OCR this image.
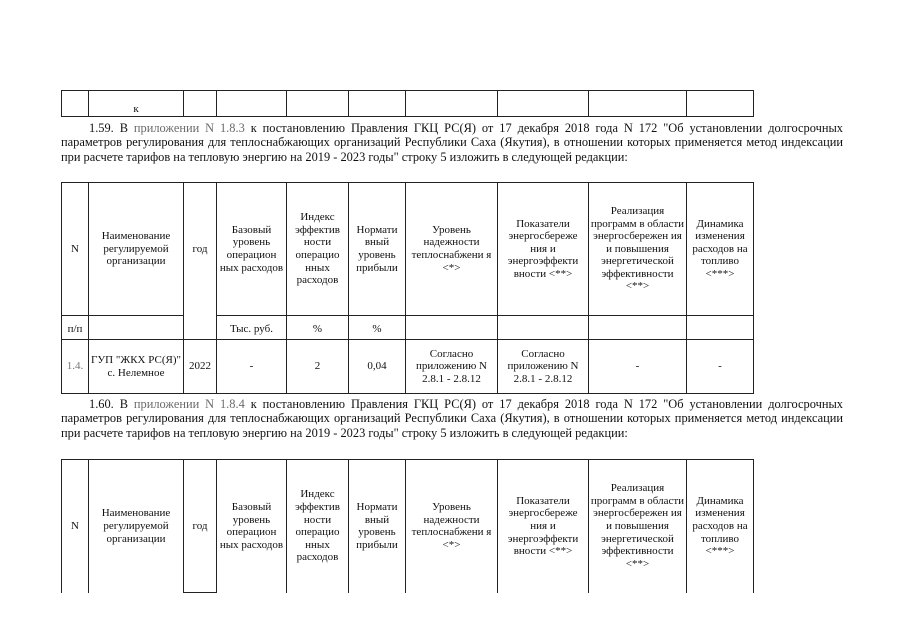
	к								
1.59. В приложении N 1.8.3 к постановлению Правления ГКЦ РС(Я) от 17 декабря 2018 года N 172 "Об установлении долгосрочных параметров регулирования для теплоснабжающих организаций Республики Саха (Якутия), в отношении которых применяется метод индексации при расчете тарифов на тепловую энергию на 2019 - 2023 годы" строку 5 изложить в следующей редакции:
N	Наименование регулируемой организации	год	Базовый уровень операцион ных расходов	Индекс эффектив ности операцио нных расходов	Нормати вный уровень прибыли	Уровень надежности теплоснабжени я <*>	Показатели энергосбереже ния и энергоэффекти вности <**>	Реализация программ в области энергосбережен ия и повышения энергетической эффективности <**>	Динамика изменения расходов на топливо <***>
п/п			Тыс. руб.	%	%				
1.4.	ГУП "ЖКХ РС(Я)" с. Нелемное	2022	-	2	0,04	Согласно приложению N 2.8.1 - 2.8.12	Согласно приложению N 2.8.1 - 2.8.12	-	-
1.60. В приложении N 1.8.4 к постановлению Правления ГКЦ РС(Я) от 17 декабря 2018 года N 172 "Об установлении долгосрочных параметров регулирования для теплоснабжающих организаций Республики Саха (Якутия), в отношении которых применяется метод индексации при расчете тарифов на тепловую энергию на 2019 - 2023 годы" строку 5 изложить в следующей редакции:
N	Наименование регулируемой организации	год	Базовый уровень операцион ных расходов	Индекс эффектив ности операцио нных расходов	Нормати вный уровень прибыли	Уровень надежности теплоснабжени я <*>	Показатели энергосбереже ния и энергоэффекти вности <**>	Реализация программ в области энергосбережен ия и повышения энергетической эффективности <**>	Динамика изменения расходов на топливо <***>
